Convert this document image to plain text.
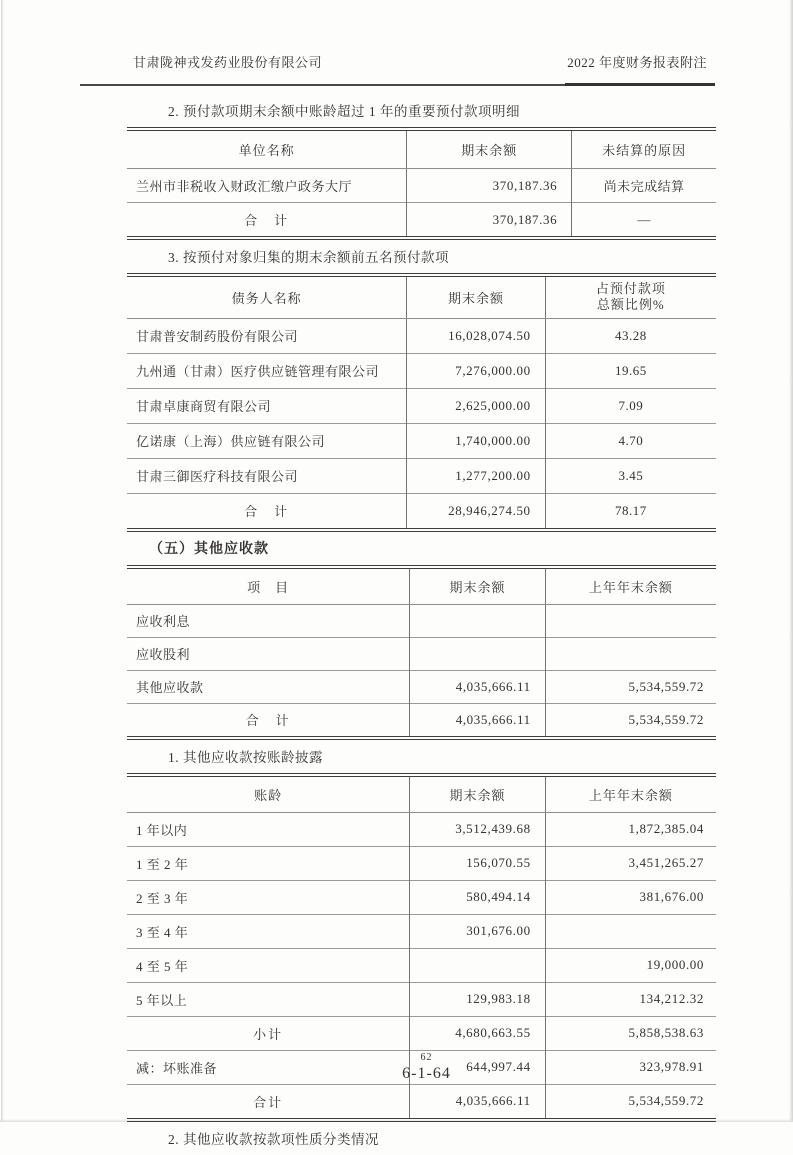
甘肃陇神戎发药业股份有限公司	2022 年度财务报表附注

2. 预付款项期末余额中账龄超过 1 年的重要预付款项明细

单位名称	期末余额	未结算的原因
兰州市非税收入财政汇缴户政务大厅	370,187.36	尚未完成结算
合　计	370,187.36	—

3. 按预付对象归集的期末余额前五名预付款项

债务人名称	期末余额	占预付款项
总额比例%
甘肃普安制药股份有限公司	16,028,074.50	43.28
九州通（甘肃）医疗供应链管理有限公司	7,276,000.00	19.65
甘肃卓康商贸有限公司	2,625,000.00	7.09
亿诺康（上海）供应链有限公司	1,740,000.00	4.70
甘肃三御医疗科技有限公司	1,277,200.00	3.45
合　计	28,946,274.50	78.17

（五）其他应收款

项　目	期末余额	上年年末余额
应收利息		
应收股利		
其他应收款	4,035,666.11	5,534,559.72
合　计	4,035,666.11	5,534,559.72

1. 其他应收款按账龄披露

账龄	期末余额	上年年末余额
1 年以内	3,512,439.68	1,872,385.04
1 至 2 年	156,070.55	3,451,265.27
2 至 3 年	580,494.14	381,676.00
3 至 4 年	301,676.00	
4 至 5 年		19,000.00
5 年以上	129,983.18	134,212.32
小计	4,680,663.55	5,858,538.63
减：坏账准备	644,997.44	323,978.91
合计	4,035,666.11	5,534,559.72

2. 其他应收款按款项性质分类情况

62
6-1-64
